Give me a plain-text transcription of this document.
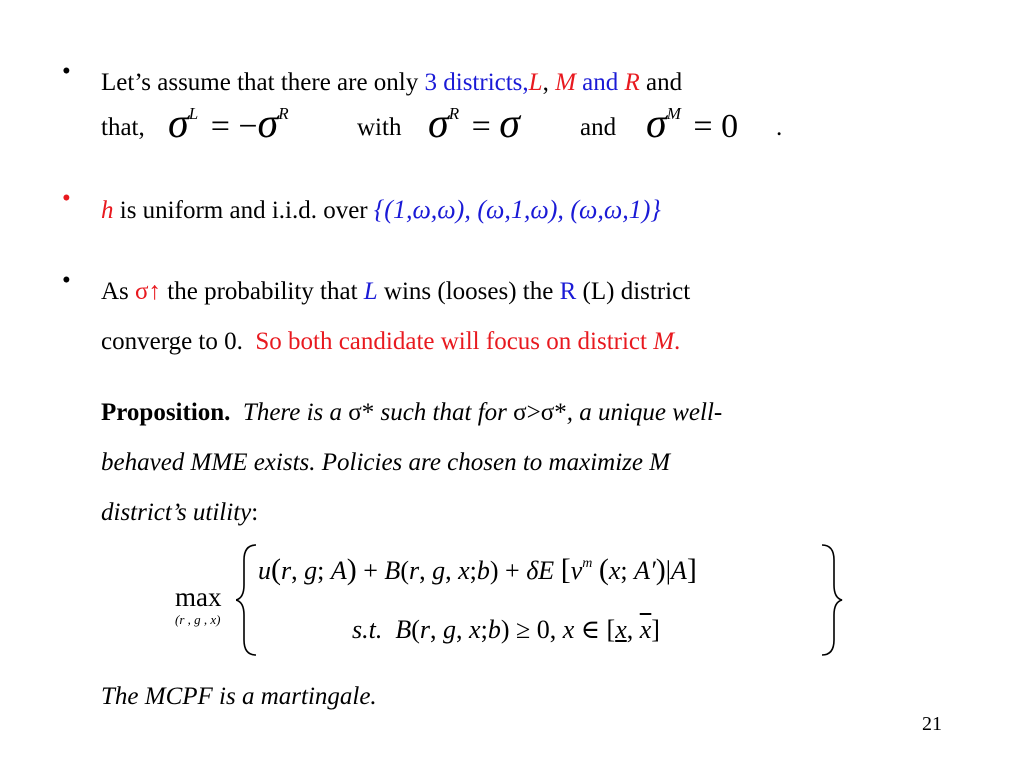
• Let’s assume that there are only 3 districts,L, M and R and
that, σL  = −σR
with σR  = σ and σM  = 0 .
• h is uniform and i.i.d. over {(1,ω,ω), (ω,1,ω), (ω,ω,1)}
• As σ↑ the probability that L wins (looses) the R (L) district
converge to 0. So both candidate will focus on district M.
Proposition. There is a σ* such that for σ>σ*, a unique well-
behaved MME exists. Policies are chosen to maximize M
district’s utility:
max
(r , g , x)
u(r, g; A) + B(r, g, x;b) + δE [$v^m$ (x; A′)|A]
s.t. B(r, g, x;b) ≥ 0, x ∈ [x, $\overline{x}$]
The MCPF is a martingale.
21
